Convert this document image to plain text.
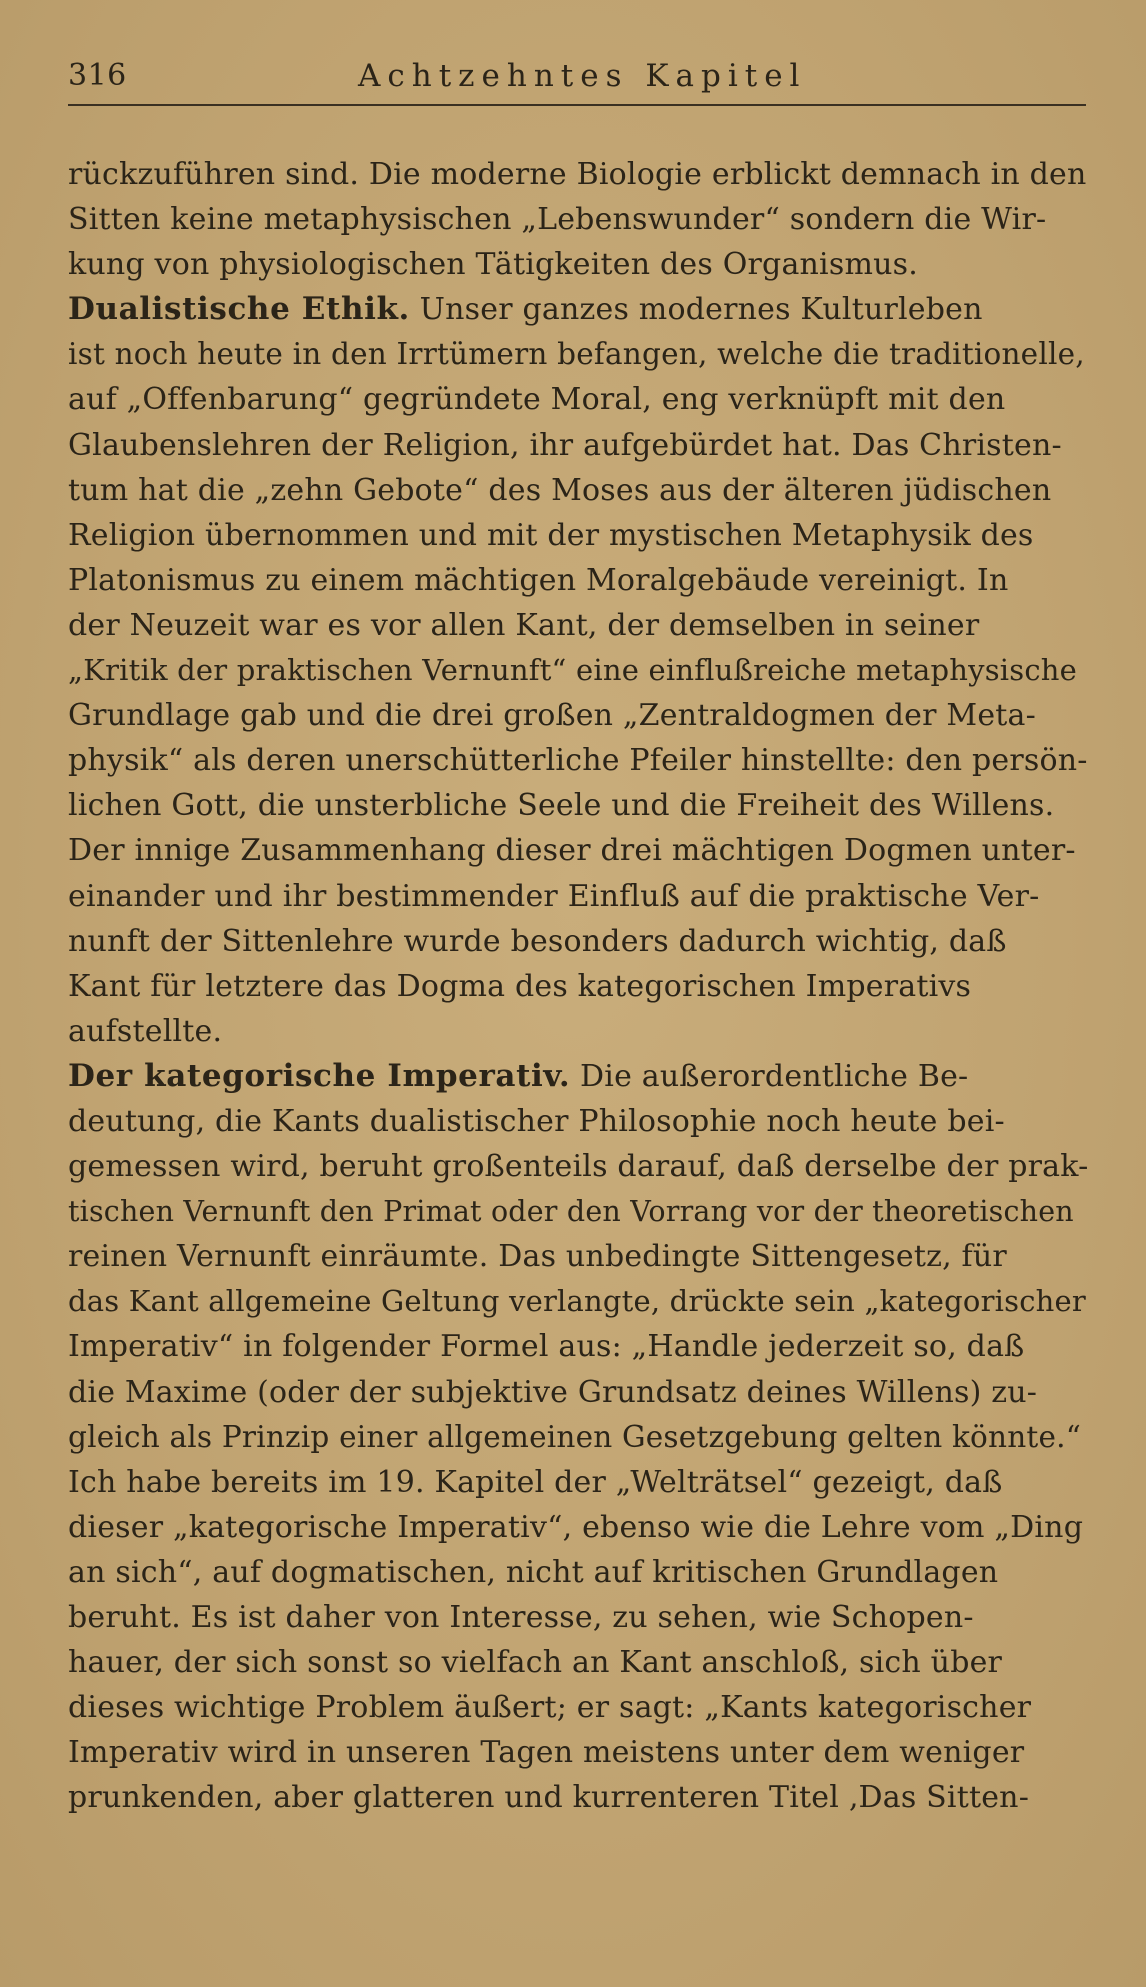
316	Achtzehntes Kapitel
rückzuführen sind. Die moderne Biologie erblickt demnach in den
Sitten keine metaphysischen „Lebenswunder“ sondern die Wir-
kung von physiologischen Tätigkeiten des Organismus.
Dualistische Ethik. Unser ganzes modernes Kulturleben
ist noch heute in den Irrtümern befangen, welche die traditionelle,
auf „Offenbarung“ gegründete Moral, eng verknüpft mit den
Glaubenslehren der Religion, ihr aufgebürdet hat. Das Christen-
tum hat die „zehn Gebote“ des Moses aus der älteren jüdischen
Religion übernommen und mit der mystischen Metaphysik des
Platonismus zu einem mächtigen Moralgebäude vereinigt. In
der Neuzeit war es vor allen Kant, der demselben in seiner
„Kritik der praktischen Vernunft“ eine einflußreiche metaphysische
Grundlage gab und die drei großen „Zentraldogmen der Meta-
physik“ als deren unerschütterliche Pfeiler hinstellte: den persön-
lichen Gott, die unsterbliche Seele und die Freiheit des Willens.
Der innige Zusammenhang dieser drei mächtigen Dogmen unter-
einander und ihr bestimmender Einfluß auf die praktische Ver-
nunft der Sittenlehre wurde besonders dadurch wichtig, daß
Kant für letztere das Dogma des kategorischen Imperativs
aufstellte.
Der kategorische Imperativ. Die außerordentliche Be-
deutung, die Kants dualistischer Philosophie noch heute bei-
gemessen wird, beruht großenteils darauf, daß derselbe der prak-
tischen Vernunft den Primat oder den Vorrang vor der theoretischen
reinen Vernunft einräumte. Das unbedingte Sittengesetz, für
das Kant allgemeine Geltung verlangte, drückte sein „kategorischer
Imperativ“ in folgender Formel aus: „Handle jederzeit so, daß
die Maxime (oder der subjektive Grundsatz deines Willens) zu-
gleich als Prinzip einer allgemeinen Gesetzgebung gelten könnte.“
Ich habe bereits im 19. Kapitel der „Welträtsel“ gezeigt, daß
dieser „kategorische Imperativ“, ebenso wie die Lehre vom „Ding
an sich“, auf dogmatischen, nicht auf kritischen Grundlagen
beruht. Es ist daher von Interesse, zu sehen, wie Schopen-
hauer, der sich sonst so vielfach an Kant anschloß, sich über
dieses wichtige Problem äußert; er sagt: „Kants kategorischer
Imperativ wird in unseren Tagen meistens unter dem weniger
prunkenden, aber glatteren und kurrenteren Titel ‚Das Sitten-
